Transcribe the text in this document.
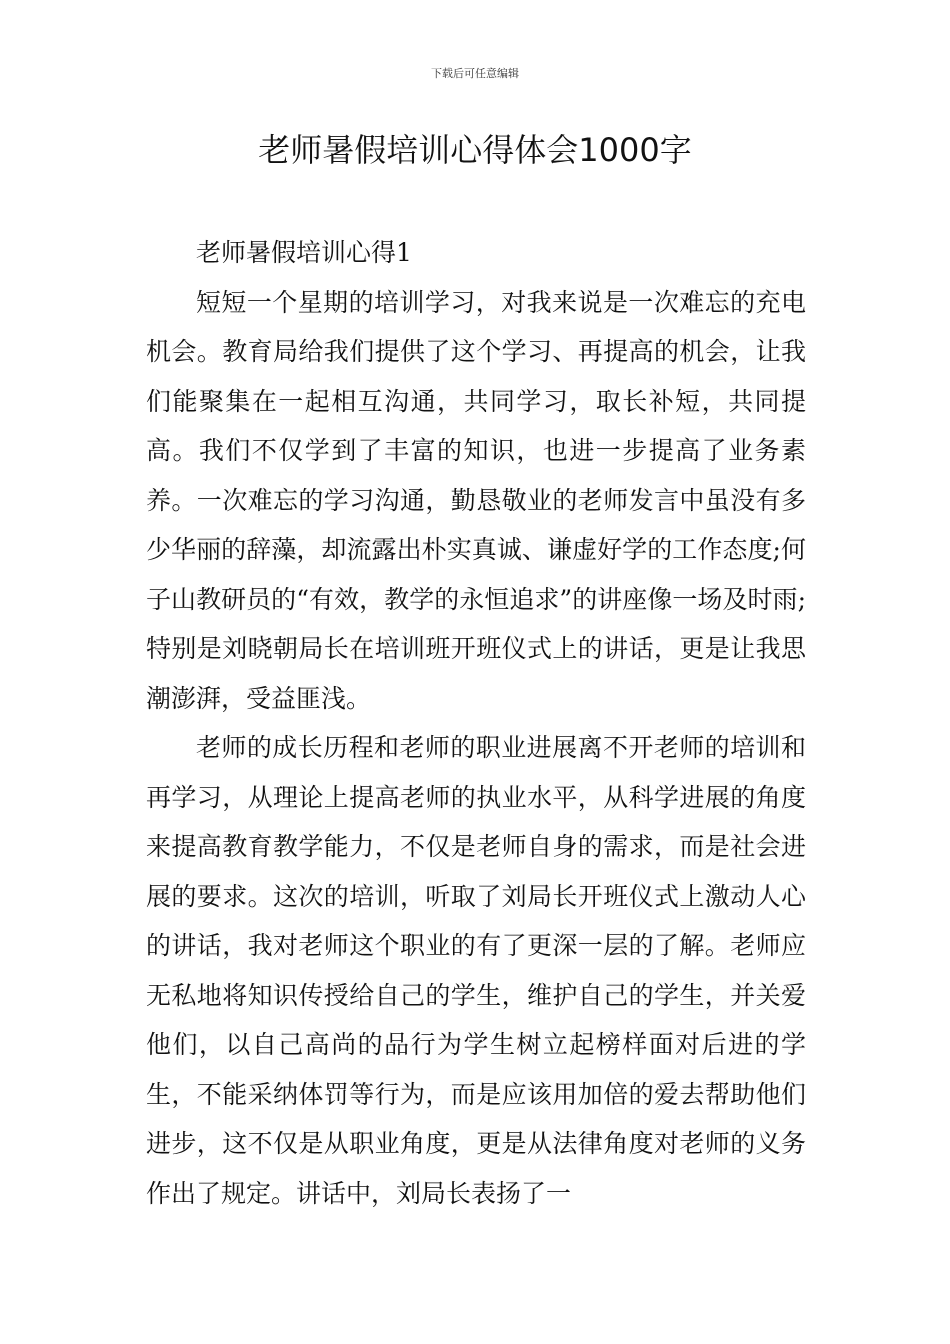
下载后可任意编辑
老师暑假培训心得体会1000字

老师暑假培训心得1

短短一个星期的培训学习，对我来说是一次难忘的充电机会。教育局给我们提供了这个学习、再提高的机会，让我们能聚集在一起相互沟通，共同学习，取长补短，共同提高。我们不仅学到了丰富的知识，也进一步提高了业务素养。一次难忘的学习沟通，勤恳敬业的老师发言中虽没有多少华丽的辞藻，却流露出朴实真诚、谦虚好学的工作态度;何子山教研员的“有效，教学的永恒追求”的讲座像一场及时雨;特别是刘晓朝局长在培训班开班仪式上的讲话，更是让我思潮澎湃，受益匪浅。

老师的成长历程和老师的职业进展离不开老师的培训和再学习，从理论上提高老师的执业水平，从科学进展的角度来提高教育教学能力，不仅是老师自身的需求，而是社会进展的要求。这次的培训，听取了刘局长开班仪式上激动人心的讲话，我对老师这个职业的有了更深一层的了解。老师应无私地将知识传授给自己的学生，维护自己的学生，并关爱他们，以自己高尚的品行为学生树立起榜样面对后进的学生，不能采纳体罚等行为，而是应该用加倍的爱去帮助他们进步，这不仅是从职业角度，更是从法律角度对老师的义务作出了规定。讲话中，刘局长表扬了一
